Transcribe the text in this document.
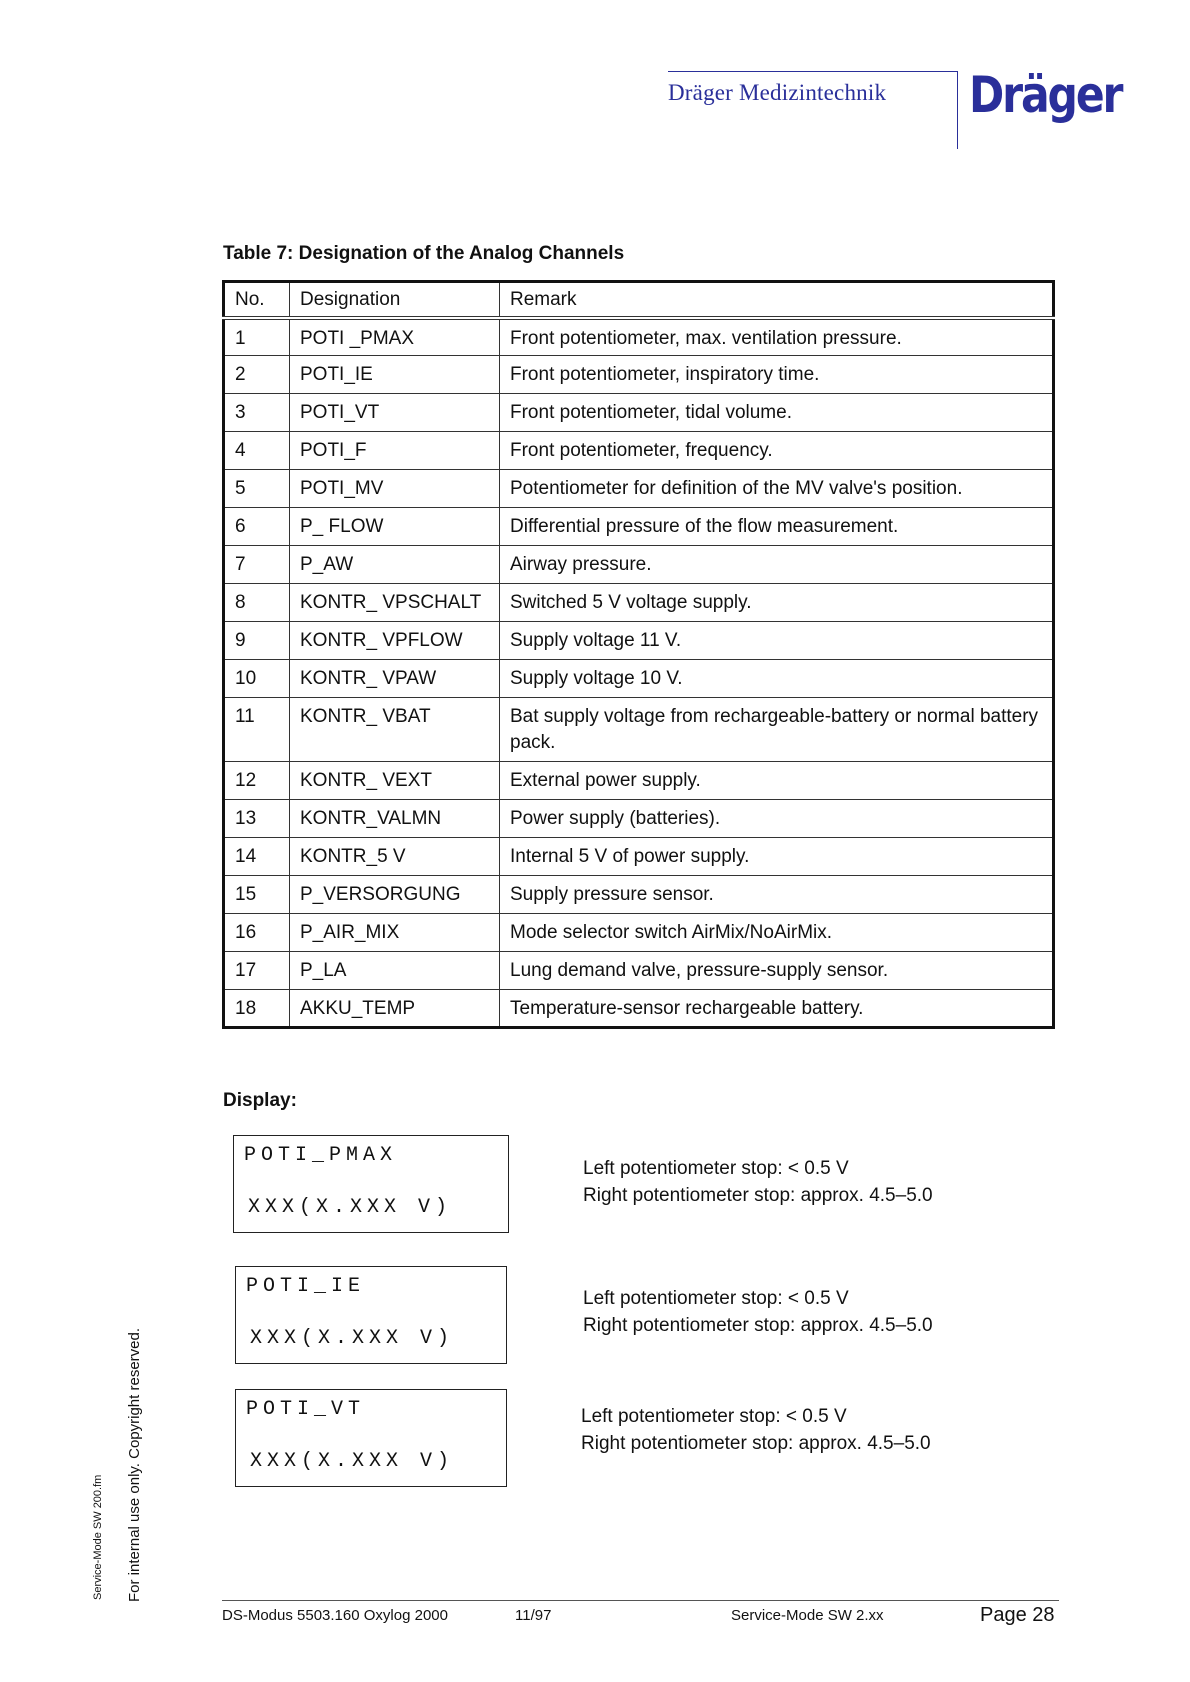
Dräger Medizintechnik Dräger
Table 7: Designation of the Analog Channels
No.	Designation	Remark
1	POTI _PMAX	Front potentiometer, max. ventilation pressure.
2	POTI_IE	Front potentiometer, inspiratory time.
3	POTI_VT	Front potentiometer, tidal volume.
4	POTI_F	Front potentiometer, frequency.
5	POTI_MV	Potentiometer for definition of the MV valve's position.
6	P_ FLOW	Differential pressure of the flow measurement.
7	P_AW	Airway pressure.
8	KONTR_ VPSCHALT	Switched 5 V voltage supply.
9	KONTR_ VPFLOW	Supply voltage 11 V.
10	KONTR_ VPAW	Supply voltage 10 V.
11	KONTR_ VBAT	Bat supply voltage from rechargeable-battery or normal battery pack.
12	KONTR_ VEXT	External power supply.
13	KONTR_VALMN	Power supply (batteries).
14	KONTR_5 V	Internal 5 V of power supply.
15	P_VERSORGUNG	Supply pressure sensor.
16	P_AIR_MIX	Mode selector switch AirMix/NoAirMix.
17	P_LA	Lung demand valve, pressure-supply sensor.
18	AKKU_TEMP	Temperature-sensor rechargeable battery.
Display:
POTI_PMAX
XXX(X.XXX V)
Left potentiometer stop: < 0.5 V
Right potentiometer stop: approx. 4.5–5.0
POTI_IE
XXX(X.XXX V)
Left potentiometer stop: < 0.5 V
Right potentiometer stop: approx. 4.5–5.0
POTI_VT
XXX(X.XXX V)
Left potentiometer stop: < 0.5 V
Right potentiometer stop: approx. 4.5–5.0
Service-Mode SW 200.fm For internal use only. Copyright reserved.
DS-Modus 5503.160 Oxylog 2000	11/97	Service-Mode SW 2.xx	Page 28
